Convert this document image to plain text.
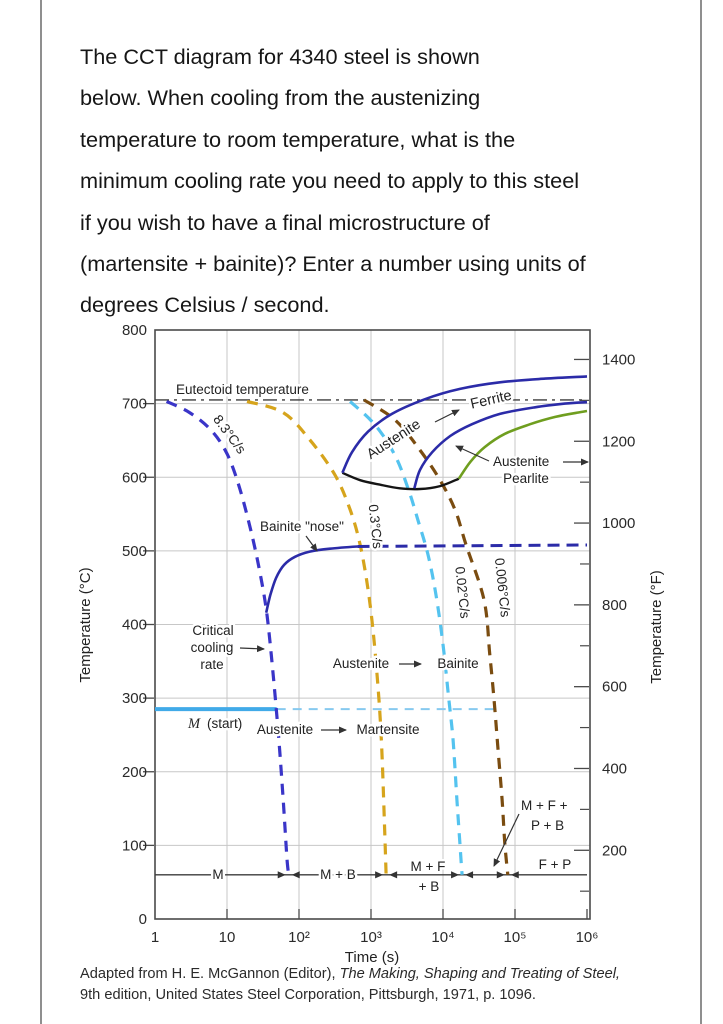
The CCT diagram for 4340 steel is shown
below. When cooling from the austenizing
temperature to room temperature, what is the
minimum cooling rate you need to apply to this steel
if you wish to have a final microstructure of
(martensite + bainite)? Enter a number using units of
degrees Celsius / second.
800
700
600
500
400
300
200
100
0
1	10	10²	10³	10⁴	10⁵	10⁶
1400
1200
1000
800
600
400
200
Eutectoid temperature
8.3°C/s
0.3°C/s
0.02°C/s 0.006°C/s
Bainite "nose"
Critical
cooling
rate	Austenite	Bainite
M (start) Austenite	Martensite
Austenite
Ferrite
Austenite
Pearlite
M	M + B
M + F
+ B
F + P
M + F +
P + B
Temperature (°C)	Temperature (°F)
Time (s)
Adapted from H. E. McGannon (Editor), The Making, Shaping and Treating of Steel,
9th edition, United States Steel Corporation, Pittsburgh, 1971, p. 1096.
